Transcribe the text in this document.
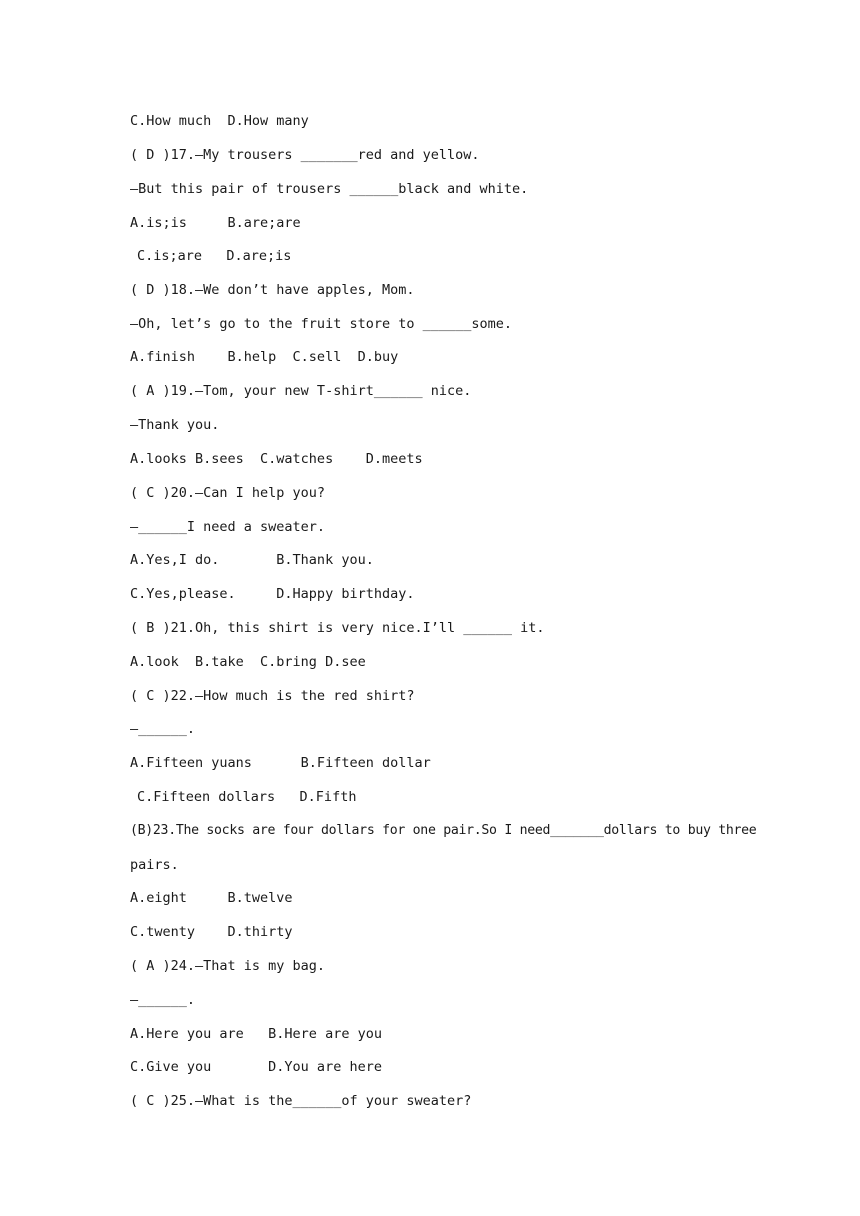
C.How much  D.How many
( D )17.—My trousers _______red and yellow.
—But this pair of trousers ______black and white.
A.is;is     B.are;are
C.is;are   D.are;is
( D )18.—We don’t have apples, Mom.
—Oh, let’s go to the fruit store to ______some.
A.finish    B.help  C.sell  D.buy
( A )19.—Tom, your new T-shirt______ nice.
—Thank you.
A.looks B.sees  C.watches    D.meets
( C )20.—Can I help you?
—______I need a sweater.
A.Yes,I do.       B.Thank you.
C.Yes,please.     D.Happy birthday.
( B )21.Oh, this shirt is very nice.I’ll ______ it.
A.look  B.take  C.bring D.see
( C )22.—How much is the red shirt?
—______.
A.Fifteen yuans      B.Fifteen dollar
C.Fifteen dollars   D.Fifth
(B)23.The socks are four dollars for one pair.So I need_______dollars to buy three
pairs.
A.eight     B.twelve
C.twenty    D.thirty
( A )24.—That is my bag.
—______.
A.Here you are   B.Here are you
C.Give you       D.You are here
( C )25.—What is the______of your sweater?
